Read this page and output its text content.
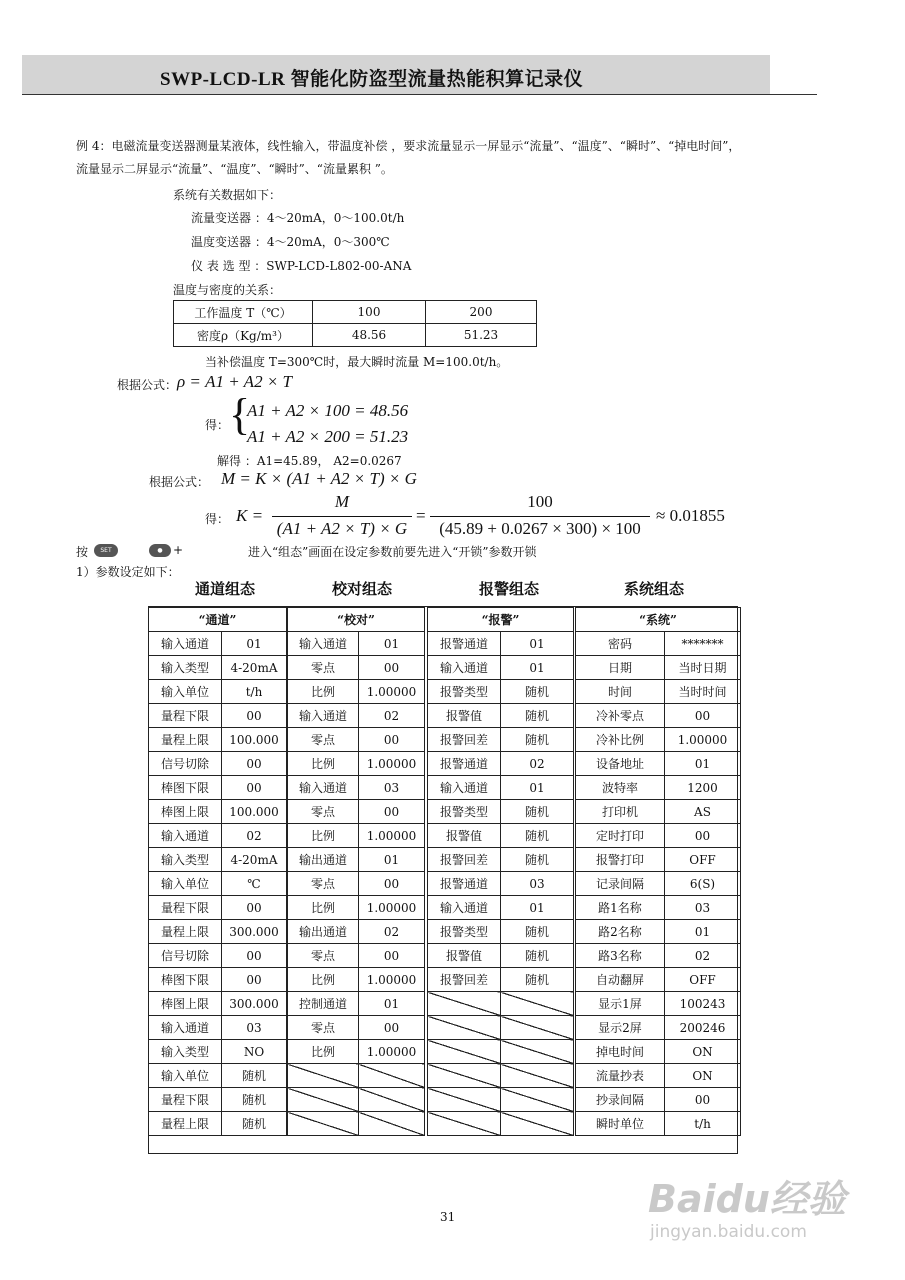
SWP-LCD-LR 智能化防盗型流量热能积算记录仪
例 4：电磁流量变送器测量某液体，线性输入，带温度补偿 ，要求流量显示一屏显示“流量”、“温度”、“瞬时”、“掉电时间”，
流量显示二屏显示“流量”、“温度”、“瞬时”、“流量累积 ”。
系统有关数据如下：
流量变送器 ：4～20mA，0～100.0t/h
温度变送器 ：4～20mA，0～300℃
仪 表 选 型 ：SWP-LCD-L802-00-ANA
温度与密度的关系：
工作温度 T（℃）	100	200
密度ρ（Kg/m³）	48.56	51.23
当补偿温度 T=300℃时，最大瞬时流量 M=100.0t/h。
根据公式： ρ = A1 + A2 × T
得： {
A1 + A2 × 100 = 48.56
A1 + A2 × 200 = 51.23
解得 ：A1=45.89， A2=0.0267
根据公式： M = K × (A1 + A2 × T) × G
得： K =
M
(A1 + A2 × T) × G
=
100
(45.89 + 0.0267 × 300) × 100
≈ 0.01855
按	SET	● +	进入“组态”画面在设定参数前要先进入“开锁”参数开锁
1）参数设定如下：
通道组态	校对组态	报警组态	系统组态
“通道”	
输入通道	01
输入类型	4-20mA
输入单位	t/h
量程下限	00
量程上限	100.000
信号切除	00
棒图下限	00
棒图上限	100.000
输入通道	02
输入类型	4-20mA
输入单位	℃
量程下限	00
量程上限	300.000
信号切除	00
棒图下限	00
棒图上限	300.000
输入通道	03
输入类型	NO
输入单位	随机
量程下限	随机
量程上限	随机
“校对”	
输入通道	01
零点	00
比例	1.00000
输入通道	02
零点	00
比例	1.00000
输入通道	03
零点	00
比例	1.00000
输出通道	01
零点	00
比例	1.00000
输出通道	02
零点	00
比例	1.00000
控制通道	01
零点	00
比例	1.00000

“报警”	
报警通道	01
输入通道	01
报警类型	随机
报警值	随机
报警回差	随机
报警通道	02
输入通道	01
报警类型	随机
报警值	随机
报警回差	随机
报警通道	03
输入通道	01
报警类型	随机
报警值	随机
报警回差	随机

“系统”	
密码	*******
日期	当时日期
时间	当时时间
冷补零点	00
冷补比例	1.00000
设备地址	01
波特率	1200
打印机	AS
定时打印	00
报警打印	OFF
记录间隔	6(S)
路1名称	03
路2名称	01
路3名称	02
自动翻屏	OFF
显示1屏	100243
显示2屏	200246
掉电时间	ON
流量抄表	ON
抄录间隔	00
瞬时单位	t/h
31	Baidu经验
jingyan.baidu.com
